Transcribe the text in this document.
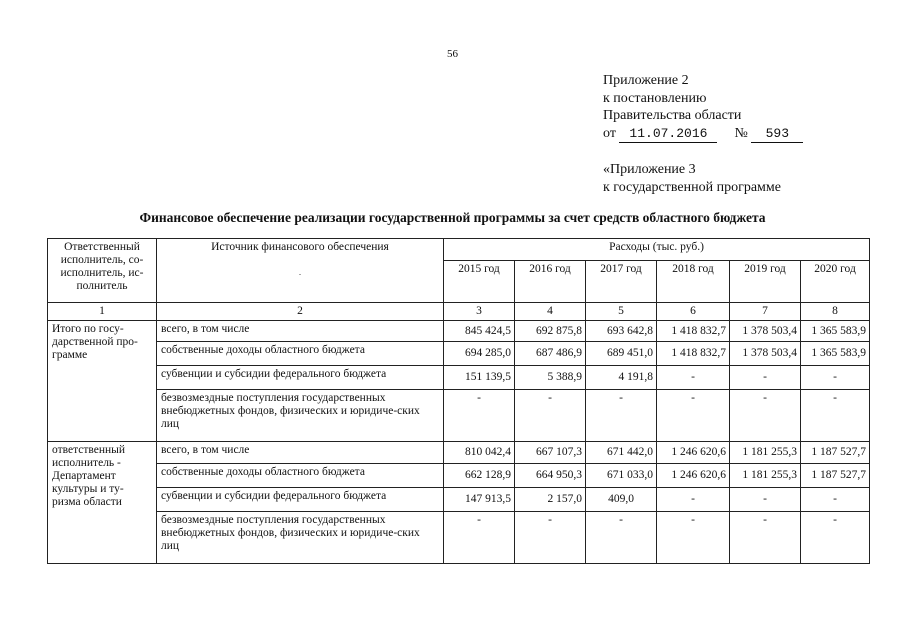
56
Приложение 2
к постановлению
Правительства области
от 11.07.2016 № 593
«Приложение 3
к государственной программе
Финансовое обеспечение реализации государственной программы за счет средств областного бюджета
Ответственный исполнитель, со-исполнитель, ис-полнитель	Источник финансового обеспечения
.	Расходы (тыс. руб.)					
		2015 год	2016 год	2017 год	2018 год	2019 год	2020 год
1	2	3	4	5	6	7	8
Итого по госу-дарственной про-грамме	всего, в том числе	845 424,5	692 875,8	693 642,8	1 418 832,7	1 378 503,4	1 365 583,9
	собственные доходы областного бюджета	694 285,0	687 486,9	689 451,0	1 418 832,7	1 378 503,4	1 365 583,9
	субвенции и субсидии федерального бюджета	151 139,5	5 388,9	4 191,8	-	-	-
	безвозмездные поступления государственных внебюджетных фондов, физических и юридиче-ских лиц	-	-	-	-	-	-
ответственный исполнитель - Департамент культуры и ту-ризма области	всего, в том числе	810 042,4	667 107,3	671 442,0	1 246 620,6	1 181 255,3	1 187 527,7
	собственные доходы областного бюджета	662 128,9	664 950,3	671 033,0	1 246 620,6	1 181 255,3	1 187 527,7
	субвенции и субсидии федерального бюджета	147 913,5	2 157,0	409,0	-	-	-
	безвозмездные поступления государственных внебюджетных фондов, физических и юридиче-ских лиц	-	-	-	-	-	-
